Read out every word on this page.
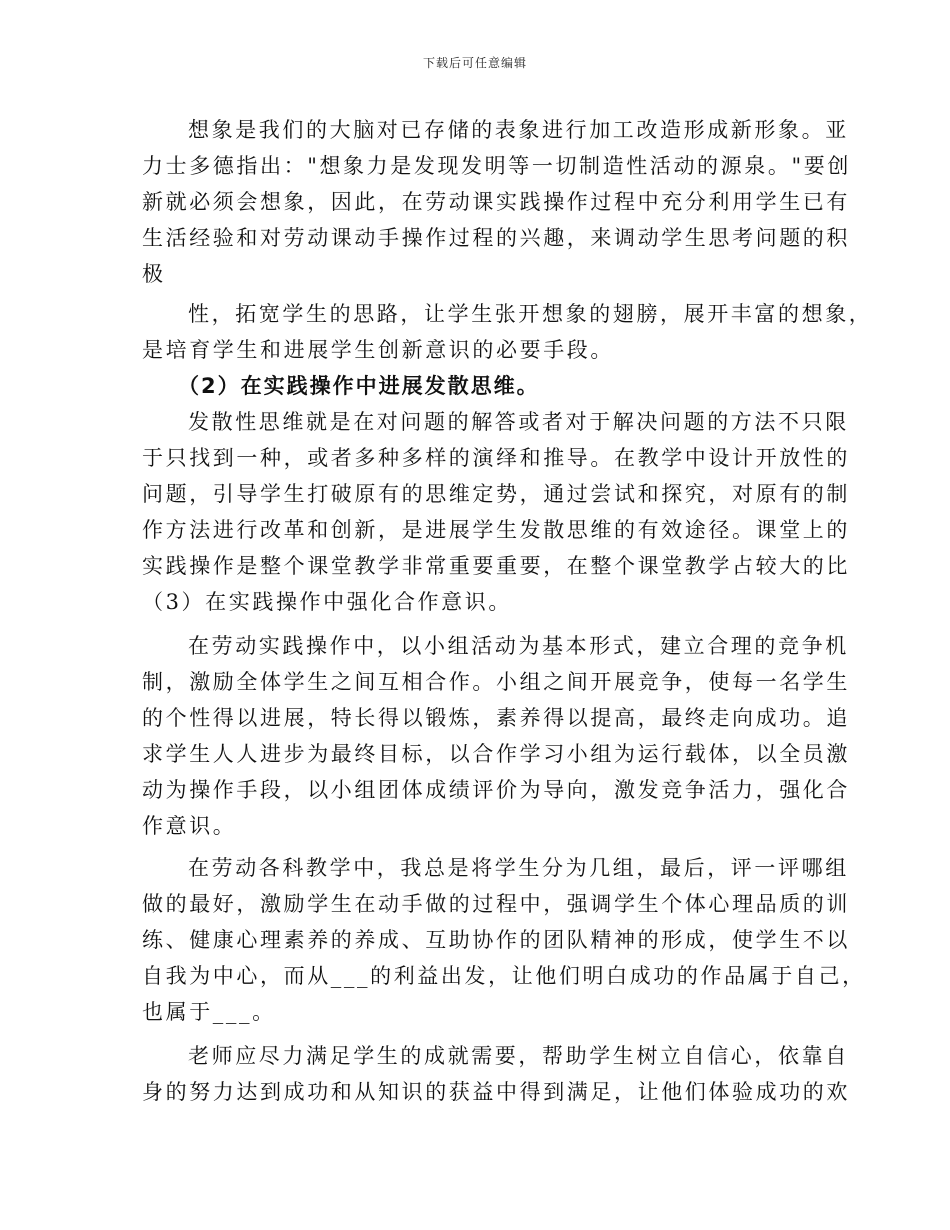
下载后可任意编辑
想象是我们的大脑对已存储的表象进行加工改造形成新形象。亚
力士多德指出："想象力是发现发明等一切制造性活动的源泉。"要创
新就必须会想象，因此，在劳动课实践操作过程中充分利用学生已有
生活经验和对劳动课动手操作过程的兴趣，来调动学生思考问题的积
极
性，拓宽学生的思路，让学生张开想象的翅膀，展开丰富的想象，
是培育学生和进展学生创新意识的必要手段。
（2）在实践操作中进展发散思维。
发散性思维就是在对问题的解答或者对于解决问题的方法不只限
于只找到一种，或者多种多样的演绎和推导。在教学中设计开放性的
问题，引导学生打破原有的思维定势，通过尝试和探究，对原有的制
作方法进行改革和创新，是进展学生发散思维的有效途径。课堂上的
实践操作是整个课堂教学非常重要重要，在整个课堂教学占较大的比
（3）在实践操作中强化合作意识。
在劳动实践操作中，以小组活动为基本形式，建立合理的竞争机
制，激励全体学生之间互相合作。小组之间开展竞争，使每一名学生
的个性得以进展，特长得以锻炼，素养得以提高，最终走向成功。追
求学生人人进步为最终目标，以合作学习小组为运行载体，以全员激
动为操作手段，以小组团体成绩评价为导向，激发竞争活力，强化合
作意识。
在劳动各科教学中，我总是将学生分为几组，最后，评一评哪组
做的最好，激励学生在动手做的过程中，强调学生个体心理品质的训
练、健康心理素养的养成、互助协作的团队精神的形成，使学生不以
自我为中心，而从___的利益出发，让他们明白成功的作品属于自己，
也属于___。
老师应尽力满足学生的成就需要，帮助学生树立自信心，依靠自
身的努力达到成功和从知识的获益中得到满足，让他们体验成功的欢
